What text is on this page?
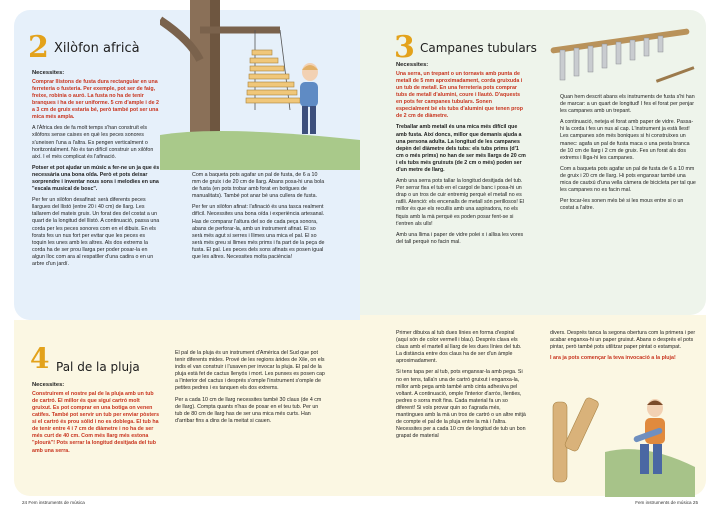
2 Xilòfon africà

Necessites:

Comprar llistons de fusta dura rectangular en una ferreteria o fusteria. Per exemple, pot ser de faig, freixe, robínia o auró. La fusta no ha de tenir branques i ha de ser uniforme. 5 cm d'ample i de 2 a 3 cm de gruix estaria bé, però també pot ser una mica més ampla.

A l'Àfrica des de fa molt temps s'han construït els xilòfons sense caixes en què les peces sonores s'uneixen l'una a l'altra. Es pengen verticalment o horitzontalment. No és tan difícil construir un xilòfon així. I el més complicat és l'afinació.

Potser et pot ajudar un músic a fer-ne un ja que és necessària una bona oïda. Però et pots deixar sorprendre i inventar nous sons i melodies en una "escala musical de bosc".

Per fer un xilòfon desafinat: serà diferents peces llargues del llistó (entre 20 i 40 cm) de llarg. Les tallarem del mateix gruix. Un forat des del costat a un quart de la longitud del llistó. A continuació, passa una corda per les peces sonores com en el dibuix. En els forats fes un nus fort per evitar que les peces es toquin les unes amb les altres. Als dos extrems la corda ha de ser prou llarga per poder posar-la en algun lloc com ara al respatller d'una cadira o en un arbre d'un jardí.

Com a baqueta pots agafar un pal de fusta, de 6 a 10 mm de gruix i de 20 cm de llarg. Abans posa-hi una bola de fusta (en pots trobar amb forat en botigues de manualitats). També pot anar bé una cullera de fusta.

Per fer un xilòfon afinat: l'afinació és una tasca realment difícil. Necessites una bona oïda i experiència artesanal. Has de comparar l'altura del so de cada peça sonora, abans de perforar-la, amb un instrument afinat. El so serà més agut si serres i llimes una mica el pal. El so serà més greu si llimes més prims i fa part de la peça de fusta. El pal. Les peces dels sons afinats es posen igual que les altres. Necessites molta paciència!

4 Pal de la pluja

Necessites:

Construirem el nostre pal de la pluja amb un tub de cartró. El millor és que siguí cartró molt gruixut. Es pot comprar en una botiga on venen catifes. També pot servir un tub per enviar pòsters si el cartró és prou sòlid i no es doblega. El tub ha de tenir entre 4 i 7 cm de diàmetre i no ha de ser més curt de 40 cm. Com més llarg més estona "plourà"! Pots serrar la longitud desitjada del tub amb una serra.

El pal de la pluja és un instrument d'Amèrica del Sud que pot tenir diferents mides. Prové de les regions àrides de Xile, on els indis el van construir i l'usaven per invocar la pluja. El pal de la pluja està fet de cactus llenyós i mort. Les punxes es posen cap a l'interior del cactus i després s'omple l'instrument s'omple de petites pedres i es tanquen els dos extrems.

Per a cada 10 cm de llarg necessites també 30 claus (de 4 cm de llarg). Compta quants n'has de posar en el teu tub. Per un tub de 80 cm de llarg has de ser una mica més curts. Han d'arribar fins a dins de la meitat si cauen.

24 Fem instruments de música
3 Campanes tubulars

Necessites:

Una serra, un trepant o un tornavís amb punta de metall de 5 mm aproximadament, corda gruixuda i un tub de metall. En una ferreteria pots comprar tubs de metall d'alumini, coure i llautó. D'aquests en pots fer campanes tubulars. Sonen especialment bé els tubs d'alumini que tenen prop de 2 cm de diàmetre.

Treballar amb metall és una mica més difícil que amb fusta. Així doncs, millor que demanis ajuda a una persona adulta. La longitud de les campanes depèn del diàmetre dels tubs: els tubs prims (d'1 cm o més prims) no han de ser més llargs de 20 cm i els tubs més gruixuts (de 2 cm o més) poden ser d'un metre de llarg.

Amb una serra pots tallar la longitud desitjada del tub. Per serrar fixa el tub en el cargol de banc i posa-hi un drap o un tros de cuir entremig perquè el metall no es ratlli. Atenció: els encenalls de metall són perillosos! El millor és que els recullis amb una aspiradora, no els fiquis amb la mà perquè es poden posar fent-se si t'entren als ulls!

Amb una llima i paper de vidre polei x i allisa les vores del tall perquè no facin mal.

Quan hem descrit abans els instruments de fusta s'hi han de marcar: a un quart de longitud! I fes el forat per penjar les campanes amb un trepant.

A continuació, neteja el forat amb paper de vidre. Passa-hi la corda i fes un nus al cap. L'instrument ja està llest! Les campanes són més boniques si hi construïxes un manec: agafa un pal de fusta maca o una pesta branca de 10 cm de llarg i 2 cm de gruix. Fes un forat als dos extrems i lliga-hi les campanes.

Com a baqueta pots agafar un pal de fusta de 6 a 10 mm de gruix i 20 cm de llarg. Hi pots enganxar també una mica de cautxú d'una vella càmera de bicicleta per tal que les campanes no es facin mal.

Per tocar-les sonen més bé si les mous entre si o un costat a l'altre.

Primer dibuixa al tub dues línies en forma d'espiral (aquí són de color vermell i blau). Després clava els claus amb el martell al llarg de les dues línies del tub. La distància entre dos claus ha de ser d'un àmple aproximadament.

Si tens tapa per al tub, pots enganxar-la amb pega. Si no en tens, talla'n una de cartró gruixut i enganxa-la, millor amb pega amb també amb cinta adhesiva pel voltant. A continuació, omple l'interior d'arròs, llenties, pedres o sorra molt fina. Cada material fa un so diferent! Si vols provar quin so t'agrada més, mantingues amb la mà un tros de cartró o un altre mitjà de compte el pal de la pluja entre la mà i l'altra. Necessites per a cada 10 cm de longitud de tub un bon grapat de material

divers. Després tanca la segona obertura com la primera i per acabar enganxa-hi un paper gruixut. Abans o després el pots pintar, però també pots utilitzar paper pintat o estampat.

I ara ja pots començar la teva invocació a la pluja!

Fem instruments de música 25
